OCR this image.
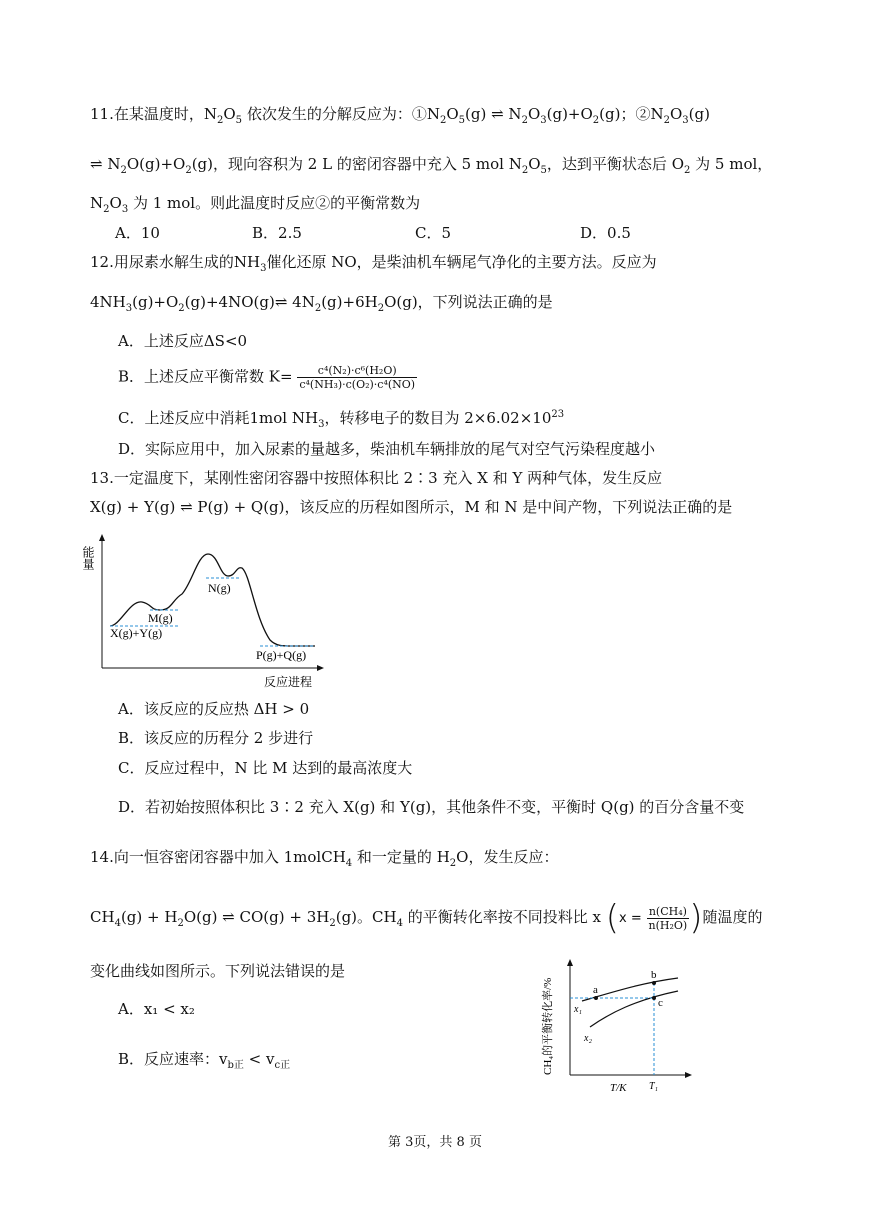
11.在某温度时，$N_2O_5$ 依次发生的分解反应为：$①N_2O_5(g)$ ⇌ $N_2O_3(g)+O_2(g)$；$②N_2O_3(g)$
⇌ $N_2O(g)+O_2(g)$，现向容积为 2 L 的密闭容器中充入 5 mol $N_2O_5$，达到平衡状态后 $O_2$ 为 5 mol，
$N_2O_3$ 为 1 mol。则此温度时反应②的平衡常数为
A．10	B．2.5	C．5	D．0.5
12.用尿素水解生成的$NH_3$催化还原 NO，是柴油机车辆尾气净化的主要方法。反应为
$4NH_3(g)+O_2(g)+4NO(g)\rightleftharpoons$ $4N_2(g)+6H_2O(g)$，下列说法正确的是
A．上述反应ΔS<0
B．上述反应平衡常数 $K= \frac{\text{c⁴(N₂)·c⁶(H₂O)}}{\text{c⁴(NH₃)·c(O₂)·c⁴(NO)}}$
C．上述反应中消耗1mol $NH_3$，转移电子的数目为 $2\times 6.02\times 10^{23}$
D．实际应用中，加入尿素的量越多，柴油机车辆排放的尾气对空气污染程度越小
13.一定温度下，某刚性密闭容器中按照体积比 2∶3 充入 X 和 Y 两种气体，发生反应
X(g) + Y(g) ⇌ P(g) + Q(g)，该反应的历程如图所示，M 和 N 是中间产物，下列说法正确的是
能量
反应进程
X(g)+Y(g)
M(g)
N(g)
P(g)+Q(g)
A．该反应的反应热 ΔH > 0
B．该反应的历程分 2 步进行
C．反应过程中，N 比 M 达到的最高浓度大
D．若初始按照体积比 3∶2 充入 X(g) 和 Y(g)，其他条件不变，平衡时 Q(g) 的百分含量不变
14.向一恒容密闭容器中加入 1molCH$_4$ 和一定量的 $H_2O$，发生反应：
$CH_4(g) + H_2O(g)$ ⇌ $CO(g) + 3H_2(g)$。$CH_4$ 的平衡转化率按不同投料比 x ($x = \frac{\text{n(CH₄)}}{\text{n(H₂O)}}$ )随温度的
变化曲线如图所示。下列说法错误的是
A．x₁ < x₂
B．反应速率：$v_{b正} < v_{c正}$	CH₄的平衡转化率/%
T/K
a
b
c
x₁
x₂
T₁
第 3页，共 8 页
